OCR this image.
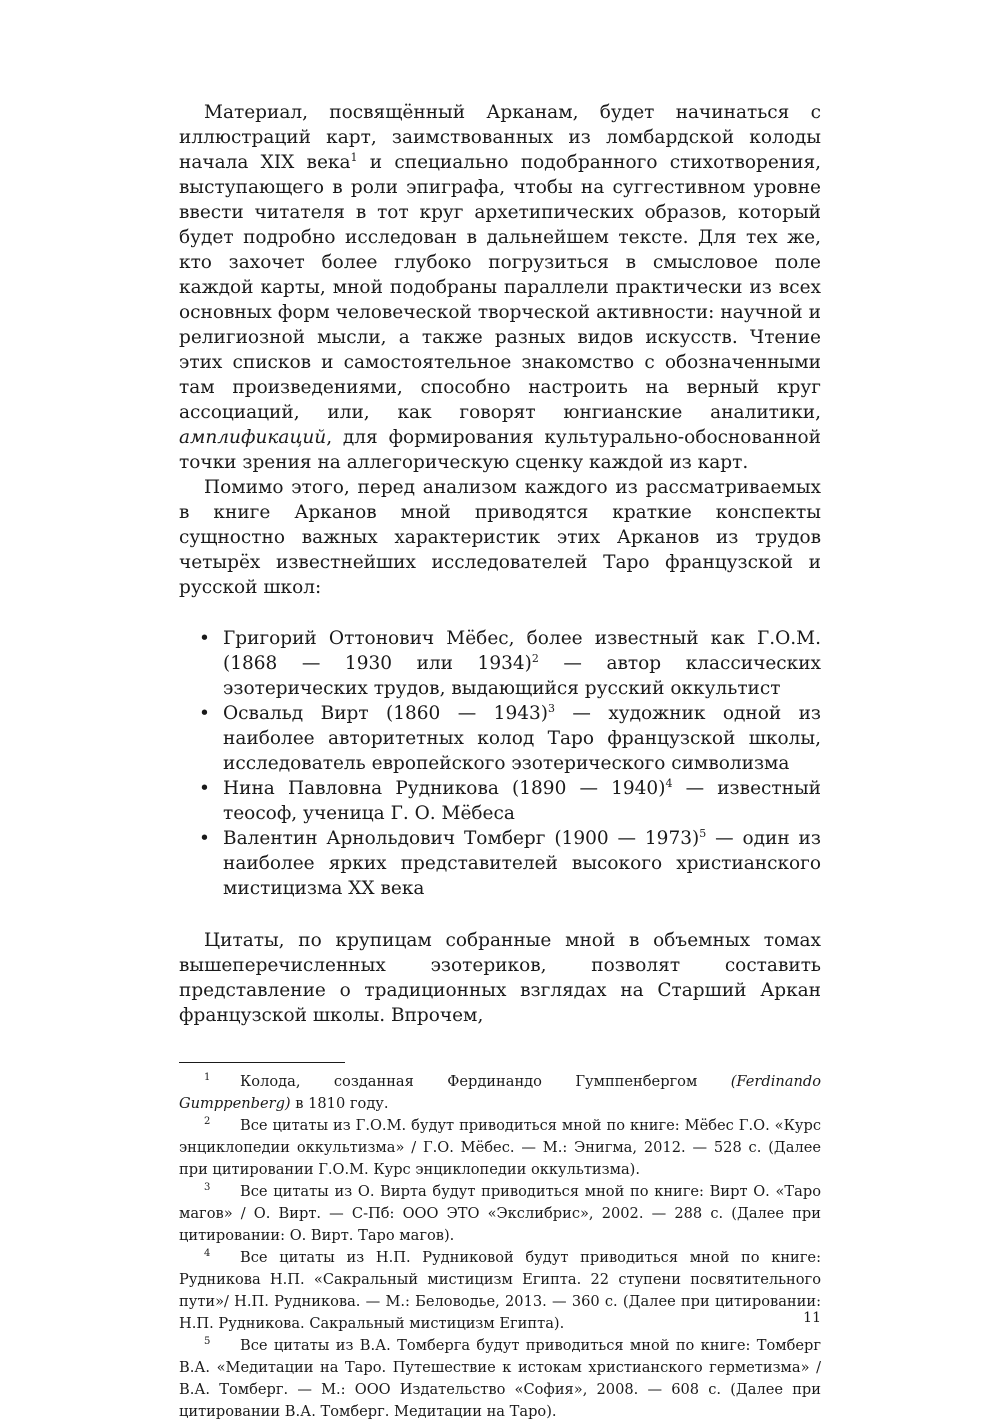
Материал, посвящённый Арканам, будет начинаться с иллюстраций карт, заимствованных из ломбардской колоды начала XIX века$^1$ и специально подобранного стихотворения, выступающего в роли эпиграфа, чтобы на суггестивном уровне ввести читателя в тот круг архетипических образов, который будет подробно исследован в дальнейшем тексте. Для тех же, кто захочет более глубоко погрузиться в смысловое поле каждой карты, мной подобраны параллели практически из всех основных форм человеческой творческой активности: научной и религиозной мысли, а также разных видов искусств. Чтение этих списков и самостоятельное знакомство с обозначенными там произведениями, способно настроить на верный круг ассоциаций, или, как говорят юнгианские аналитики, амплификаций, для формирования культурально-обоснованной точки зрения на аллегорическую сценку каждой из карт.

Помимо этого, перед анализом каждого из рассматриваемых в книге Арканов мной приводятся краткие конспекты сущностно важных характеристик этих Арканов из трудов четырёх известнейших исследователей Таро французской и русской школ:

• Григорий Оттонович Мёбес, более известный как Г.О.М. (1868 — 1930 или 1934)$^2$ — автор классических эзотерических трудов, выдающийся русский оккультист
• Освальд Вирт (1860 — 1943)$^3$ — художник одной из наиболее авторитетных колод Таро французской школы, исследователь европейского эзотерического символизма
• Нина Павловна Рудникова (1890 — 1940)$^4$ — известный теософ, ученица Г. О. Мёбеса
• Валентин Арнольдович Томберг (1900 — 1973)$^5$ — один из наиболее ярких представителей высокого христианского мистицизма XX века

Цитаты, по крупицам собранные мной в объемных томах вышеперечисленных эзотериков, позволят составить представление о традиционных взглядах на Старший Аркан французской школы. Впрочем,

1 Колода, созданная Фердинандо Гумппенбергом (Ferdinando Gumppenberg) в 1810 году.

2 Все цитаты из Г.О.М. будут приводиться мной по книге: Мёбес Г.О. «Курс энциклопедии оккультизма» / Г.О. Мёбес. — М.: Энигма, 2012. — 528 с. (Далее при цитировании Г.О.М. Курс энциклопедии оккультизма).

3 Все цитаты из О. Вирта будут приводиться мной по книге: Вирт О. «Таро магов» / О. Вирт. — С-Пб: ООО ЭТО «Экслибрис», 2002. — 288 с. (Далее при цитировании: О. Вирт. Таро магов).

4 Все цитаты из Н.П. Рудниковой будут приводиться мной по книге: Рудникова Н.П. «Сакральный мистицизм Египта. 22 ступени посвятительного пути»/ Н.П. Рудникова. — М.: Беловодье, 2013. — 360 с. (Далее при цитировании: Н.П. Рудникова. Сакральный мистицизм Египта).

5 Все цитаты из В.А. Томберга будут приводиться мной по книге: Томберг В.А. «Медитации на Таро. Путешествие к истокам христианского герметизма» / В.А. Томберг. — М.: ООО Издательство «София», 2008. — 608 с. (Далее при цитировании В.А. Томберг. Медитации на Таро).

11
